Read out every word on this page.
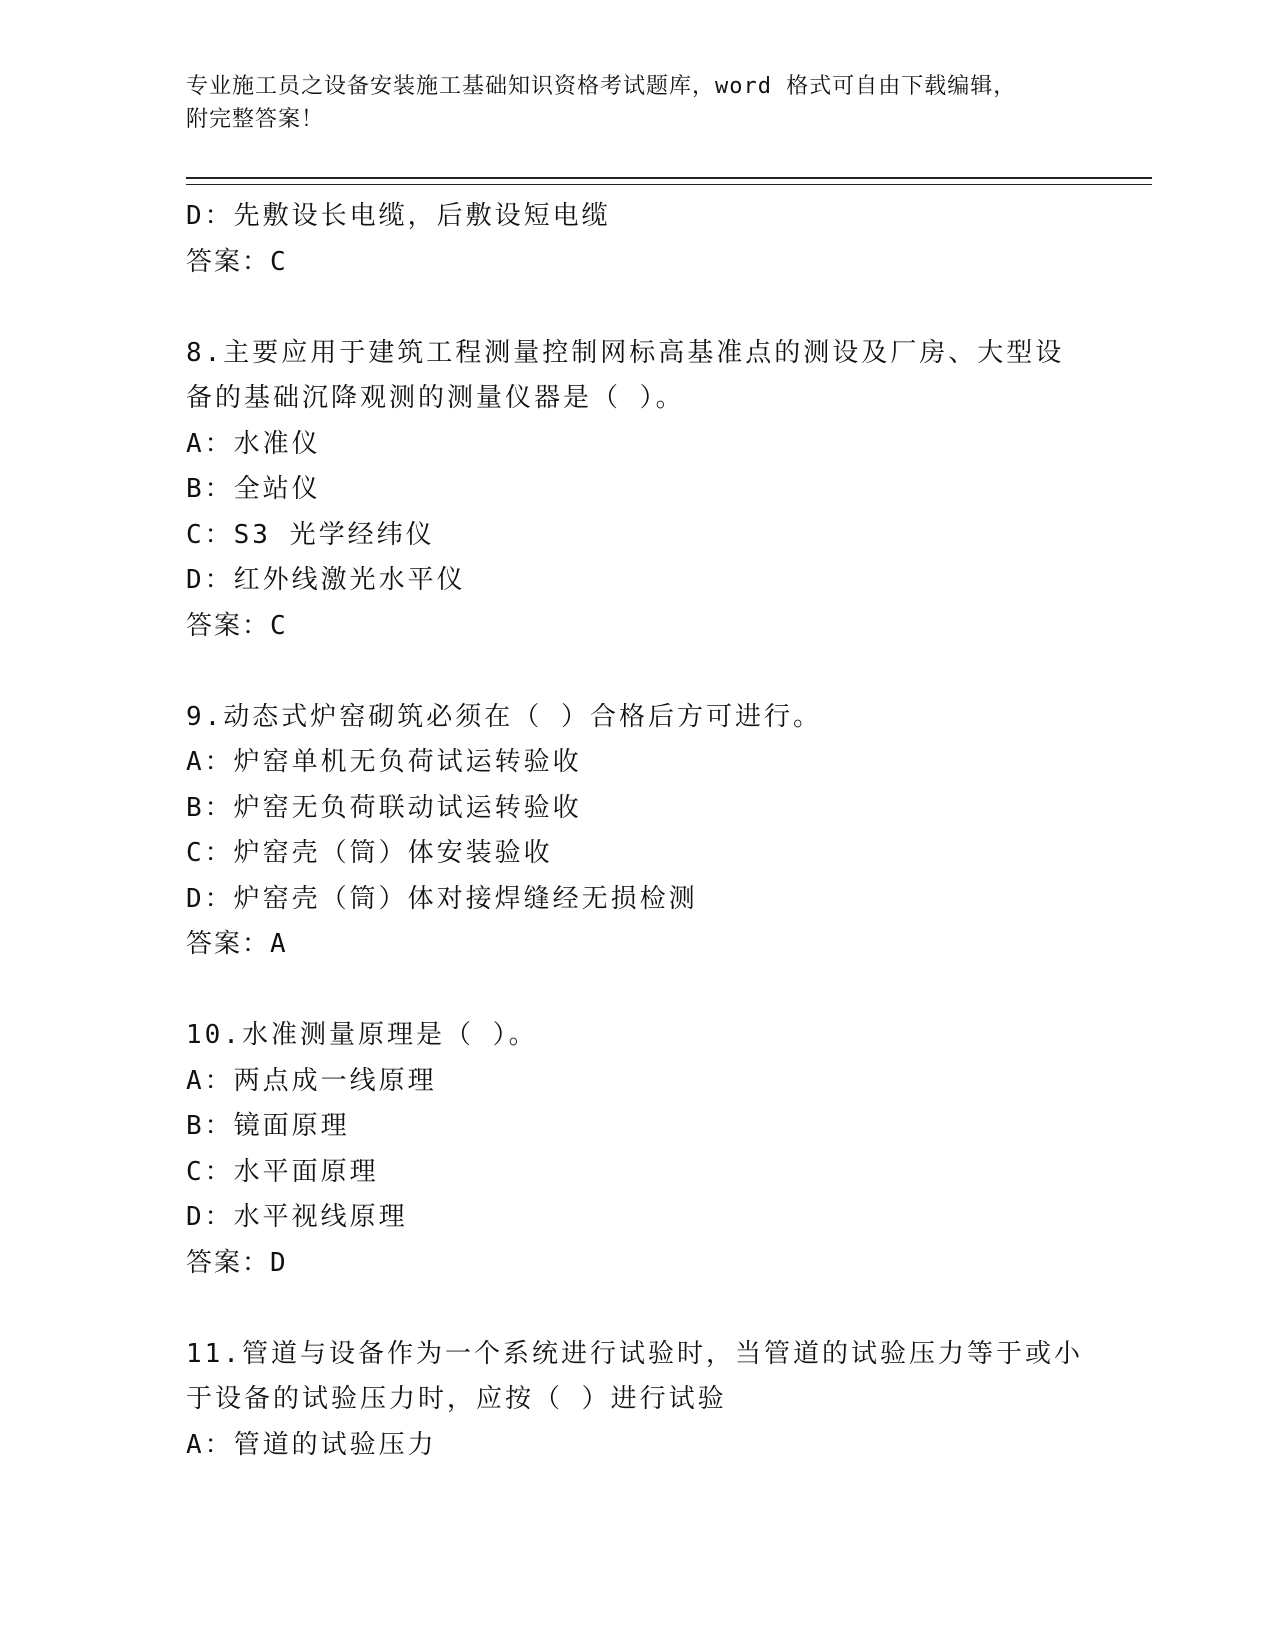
专业施工员之设备安装施工基础知识资格考试题库，word 格式可自由下载编辑，
附完整答案！
D：先敷设长电缆，后敷设短电缆
答案：C
8.主要应用于建筑工程测量控制网标高基准点的测设及厂房、大型设
备的基础沉降观测的测量仪器是（ ）。
A：水准仪
B：全站仪
C：S3 光学经纬仪
D：红外线激光水平仪
答案：C
9.动态式炉窑砌筑必须在（ ）合格后方可进行。
A：炉窑单机无负荷试运转验收
B：炉窑无负荷联动试运转验收
C：炉窑壳（筒）体安装验收
D：炉窑壳（筒）体对接焊缝经无损检测
答案：A
10.水准测量原理是（ ）。
A：两点成一线原理
B：镜面原理
C：水平面原理
D：水平视线原理
答案：D
11.管道与设备作为一个系统进行试验时，当管道的试验压力等于或小
于设备的试验压力时，应按（ ）进行试验
A：管道的试验压力
